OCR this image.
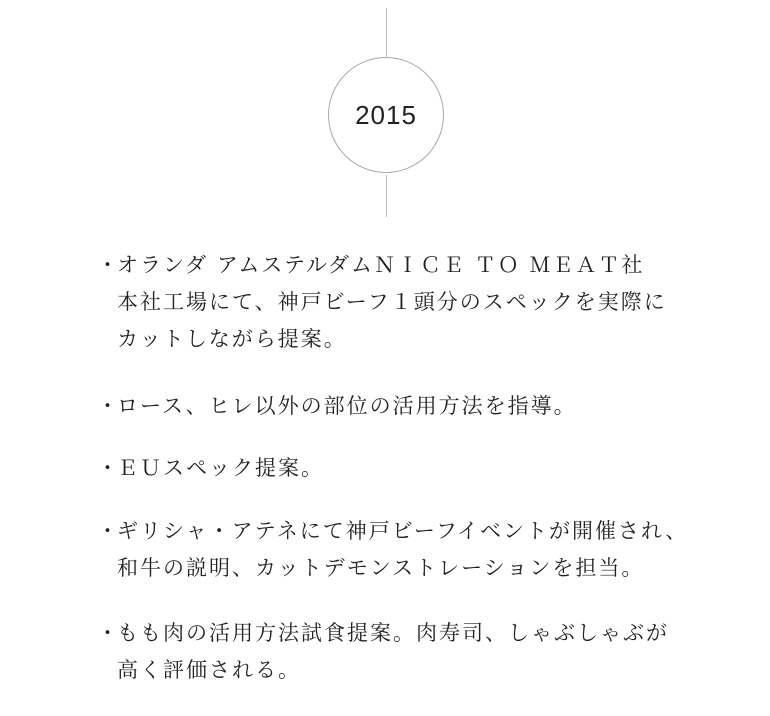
2015
・
オランダ アムステルダムＮＩＣＥ ＴＯ ＭＥＡＴ社
本社工場にて、神戸ビーフ１頭分のスペックを実際に
カットしながら提案。
・
ロース、ヒレ以外の部位の活用方法を指導。
・
ＥＵスペック提案。
・
ギリシャ・アテネにて神戸ビーフイベントが開催され、
和牛の説明、カットデモンストレーションを担当。
・
もも肉の活用方法試食提案。肉寿司、しゃぶしゃぶが
高く評価される。
